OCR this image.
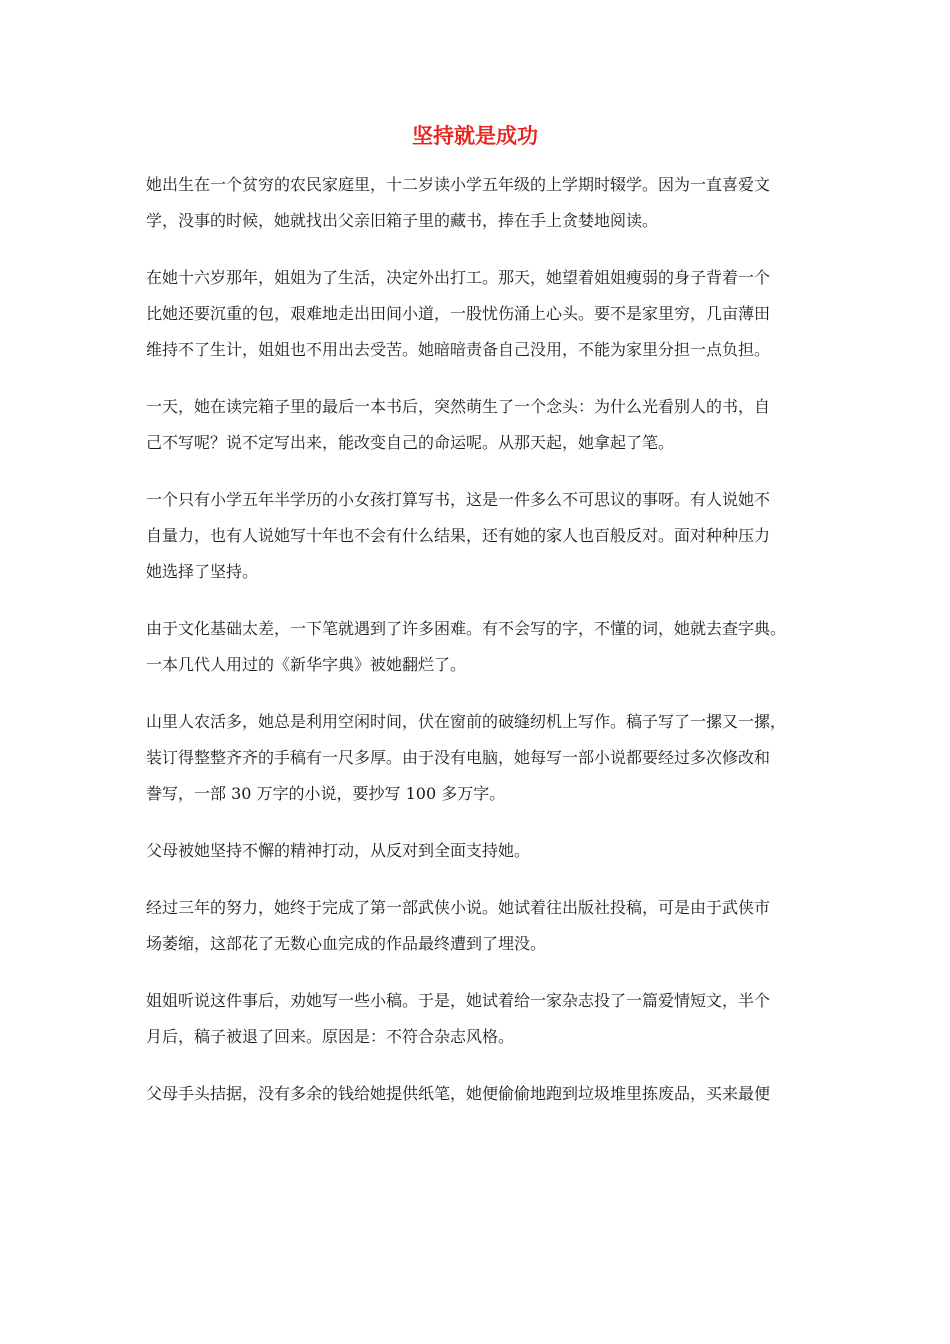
坚持就是成功

她出生在一个贫穷的农民家庭里，十二岁读小学五年级的上学期时辍学。因为一直喜爱文
学，没事的时候，她就找出父亲旧箱子里的藏书，捧在手上贪婪地阅读。

在她十六岁那年，姐姐为了生活，决定外出打工。那天，她望着姐姐瘦弱的身子背着一个
比她还要沉重的包，艰难地走出田间小道，一股忧伤涌上心头。要不是家里穷，几亩薄田
维持不了生计，姐姐也不用出去受苦。她暗暗责备自己没用，不能为家里分担一点负担。

一天，她在读完箱子里的最后一本书后，突然萌生了一个念头：为什么光看别人的书，自
己不写呢？说不定写出来，能改变自己的命运呢。从那天起，她拿起了笔。

一个只有小学五年半学历的小女孩打算写书，这是一件多么不可思议的事呀。有人说她不
自量力，也有人说她写十年也不会有什么结果，还有她的家人也百般反对。面对种种压力
她选择了坚持。

由于文化基础太差，一下笔就遇到了许多困难。有不会写的字，不懂的词，她就去查字典。
一本几代人用过的《新华字典》被她翻烂了。

山里人农活多，她总是利用空闲时间，伏在窗前的破缝纫机上写作。稿子写了一摞又一摞，
装订得整整齐齐的手稿有一尺多厚。由于没有电脑，她每写一部小说都要经过多次修改和
誊写，一部 30 万字的小说，要抄写 100 多万字。

父母被她坚持不懈的精神打动，从反对到全面支持她。

经过三年的努力，她终于完成了第一部武侠小说。她试着往出版社投稿，可是由于武侠市
场萎缩，这部花了无数心血完成的作品最终遭到了埋没。

姐姐听说这件事后，劝她写一些小稿。于是，她试着给一家杂志投了一篇爱情短文，半个
月后，稿子被退了回来。原因是：不符合杂志风格。

父母手头拮据，没有多余的钱给她提供纸笔，她便偷偷地跑到垃圾堆里拣废品，买来最便
